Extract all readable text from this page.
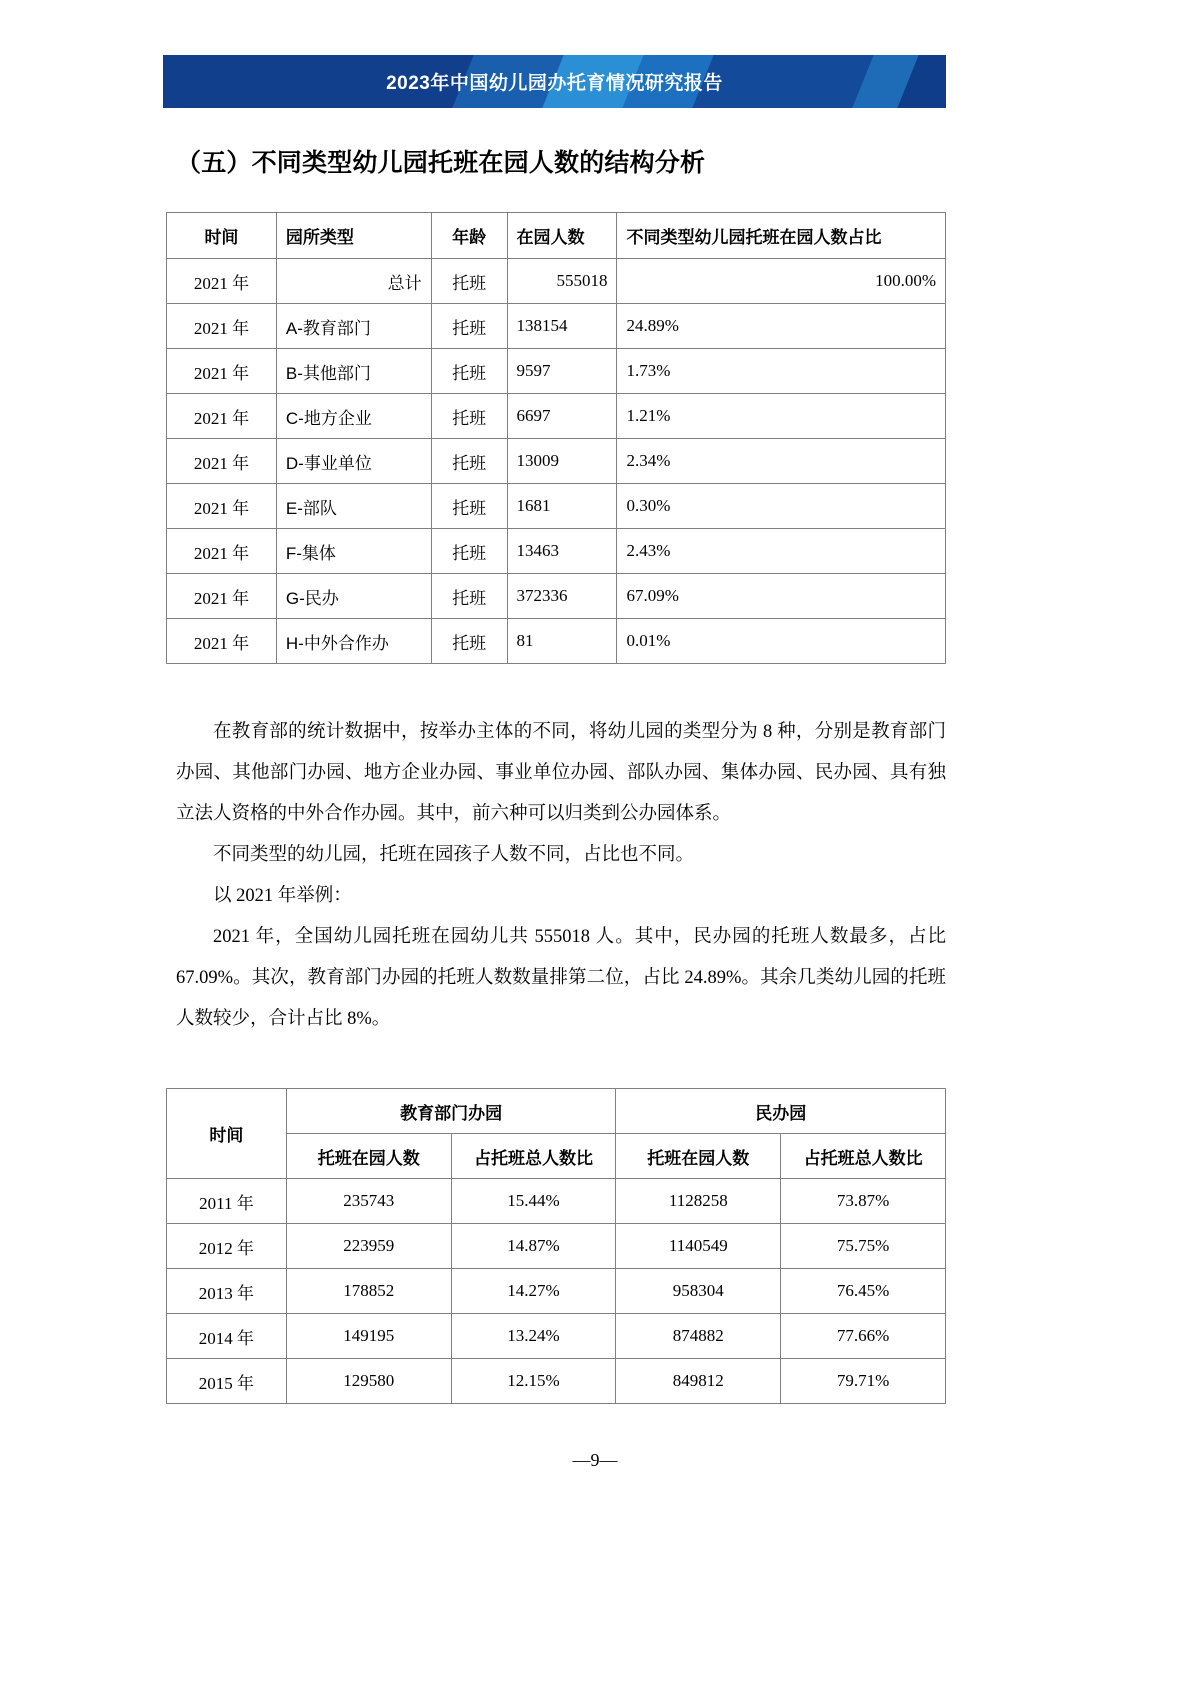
2023年中国幼儿园办托育情况研究报告
（五）不同类型幼儿园托班在园人数的结构分析
时间	园所类型	年龄	在园人数	不同类型幼儿园托班在园人数占比
2021 年	总计	托班	555018	100.00%
2021 年	A-教育部门	托班	138154	24.89%
2021 年	B-其他部门	托班	9597	1.73%
2021 年	C-地方企业	托班	6697	1.21%
2021 年	D-事业单位	托班	13009	2.34%
2021 年	E-部队	托班	1681	0.30%
2021 年	F-集体	托班	13463	2.43%
2021 年	G-民办	托班	372336	67.09%
2021 年	H-中外合作办	托班	81	0.01%

在教育部的统计数据中，按举办主体的不同，将幼儿园的类型分为 8 种，分别是教育部门办园、其他部门办园、地方企业办园、事业单位办园、部队办园、集体办园、民办园、具有独立法人资格的中外合作办园。其中，前六种可以归类到公办园体系。

不同类型的幼儿园，托班在园孩子人数不同，占比也不同。

以 2021 年举例：

2021 年，全国幼儿园托班在园幼儿共 555018 人。其中，民办园的托班人数最多，占比 67.09%。其次，教育部门办园的托班人数数量排第二位，占比 24.89%。其余几类幼儿园的托班人数较少，合计占比 8%。

时间	教育部门办园		民办园	
	托班在园人数	占托班总人数比	托班在园人数	占托班总人数比
2011 年	235743	15.44%	1128258	73.87%
2012 年	223959	14.87%	1140549	75.75%
2013 年	178852	14.27%	958304	76.45%
2014 年	149195	13.24%	874882	77.66%
2015 年	129580	12.15%	849812	79.71%
—9—
